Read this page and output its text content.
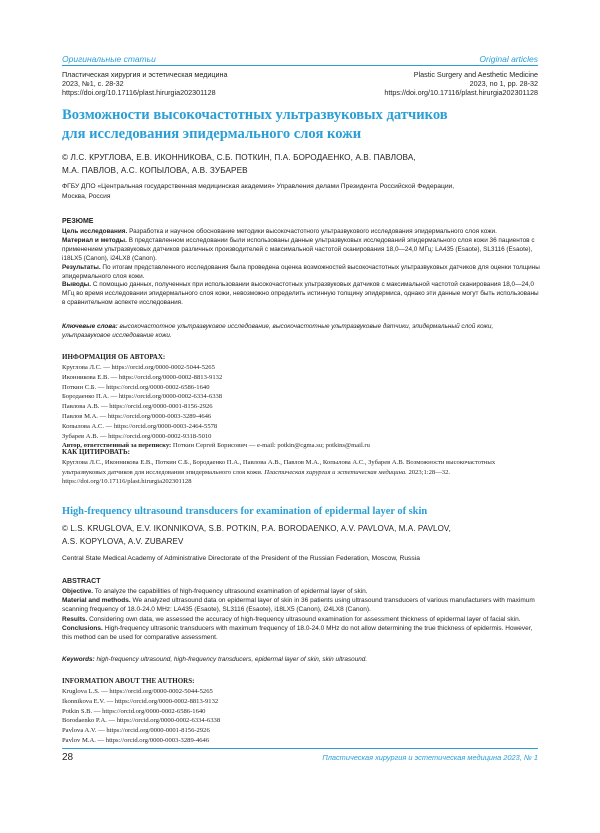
Оригинальные статьи	Original articles
Пластическая хирургия и эстетическая медицина
2023, №1, с. 28-32
https://doi.org/10.17116/plast.hirurgia202301128
Plastic Surgery and Aesthetic Medicine
2023, no 1, pp. 28-32
https://doi.org/10.17116/plast.hirurgia202301128
Возможности высокочастотных ультразвуковых датчиков
для исследования эпидермального слоя кожи
© Л.С. КРУГЛОВА, Е.В. ИКОННИКОВА, С.Б. ПОТКИН, П.А. БОРОДАЕНКО, А.В. ПАВЛОВА,
М.А. ПАВЛОВ, А.С. КОПЫЛОВА, А.В. ЗУБАРЕВ
ФГБУ ДПО «Центральная государственная медицинская академия» Управления делами Президента Российской Федерации,
Москва, Россия
РЕЗЮМЕ

Цель исследования. Разработка и научное обоснование методики высокочастотного ультразвукового исследования эпидермального слоя кожи.

Материал и методы. В представленном исследовании были использованы данные ультразвуковых исследований эпидермального слоя кожи 36 пациентов с применением ультразвуковых датчиков различных производителей с максимальной частотой сканирования 18,0—24,0 МГц: LA435 (Esaote), SL3116 (Esaote), i18LX5 (Canon), i24LX8 (Canon).

Результаты. По итогам представленного исследования была проведена оценка возможностей высокочастотных ультразвуковых датчиков для оценки толщины эпидермального слоя кожи.

Выводы. С помощью данных, полученных при использовании высокочастотных ультразвуковых датчиков с максимальной частотой сканирования 18,0—24,0 МГц во время исследовании эпидермального слоя кожи, невозможно определить истинную толщину эпидермиса, однако эти данные могут быть использованы в сравнительном аспекте исследования.

Ключевые слова: высокочастотное ультразвуковое исследование, высокочастотные ультразвуковые датчики, эпидермальный слой кожи, ультразвуковое исследование кожи.
ИНФОРМАЦИЯ ОБ АВТОРАХ:
Круглова Л.С. — https://orcid.org/0000-0002-5044-5265
Иконникова Е.В. — https://orcid.org/0000-0002-8813-9132
Поткин С.Б. — https://orcid.org/0000-0002-6586-1640
Бородаенко П.А. — https://orcid.org/0000-0002-6334-6338
Павлова А.В. — https://orcid.org/0000-0001-8156-2926
Павлов М.А. — https://orcid.org/0000-0003-3289-4646
Копылова А.С. — https://orcid.org/0000-0003-2464-5578
Зубарев А.В. — https://orcid.org/0000-0002-9318-5010
Автор, ответственный за переписку: Поткин Сергей Борисович — e-mail: potkin@cgma.su; potkins@mail.ru
КАК ЦИТИРОВАТЬ:
Круглова Л.С., Иконникова Е.В., Поткин С.Б., Бородаенко П.А., Павлова А.В., Павлов М.А., Копылова А.С., Зубарев А.В. Возможности высокочастотных ультразвуковых датчиков для исследования эпидермального слоя кожи. Пластическая хирургия и эстетическая медицина. 2023;1:28—32. https://doi.org/10.17116/plast.hirurgia202301128
High-frequency ultrasound transducers for examination of epidermal layer of skin
© L.S. KRUGLOVA, E.V. IKONNIKOVA, S.B. POTKIN, P.A. BORODAENKO, A.V. PAVLOVA, M.A. PAVLOV,
A.S. KOPYLOVA, A.V. ZUBAREV
Central State Medical Academy of Administrative Directorate of the President of the Russian Federation, Moscow, Russia
ABSTRACT

Objective. To analyze the capabilities of high-frequency ultrasound examination of epidermal layer of skin.

Material and methods. We analyzed ultrasound data on epidermal layer of skin in 36 patients using ultrasound transducers of various manufacturers with maximum scanning frequency of 18.0-24.0 MHz: LA435 (Esaote), SL3116 (Esaote), i18LX5 (Canon), i24LX8 (Canon).

Results. Considering own data, we assessed the accuracy of high-frequency ultrasound examination for assessment thickness of epidermal layer of facial skin.

Conclusions. High-frequency ultrasonic transducers with maximum frequency of 18.0-24.0 MHz do not allow determining the true thickness of epidermis. However, this method can be used for comparative assessment.

Keywords: high-frequency ultrasound, high-frequency transducers, epidermal layer of skin, skin ultrasound.
INFORMATION ABOUT THE AUTHORS:
Kruglova L.S. — https://orcid.org/0000-0002-5044-5265
Ikonnikova E.V. — https://orcid.org/0000-0002-8813-9132
Potkin S.B. — https://orcid.org/0000-0002-6586-1640
Borodaenko P.A. — https://orcid.org/0000-0002-6334-6338
Pavlova A.V. — https://orcid.org/0000-0001-8156-2926
Pavlov M.A. — https://orcid.org/0000-0003-3289-4646
28	Пластическая хирургия и эстетическая медицина 2023, № 1
